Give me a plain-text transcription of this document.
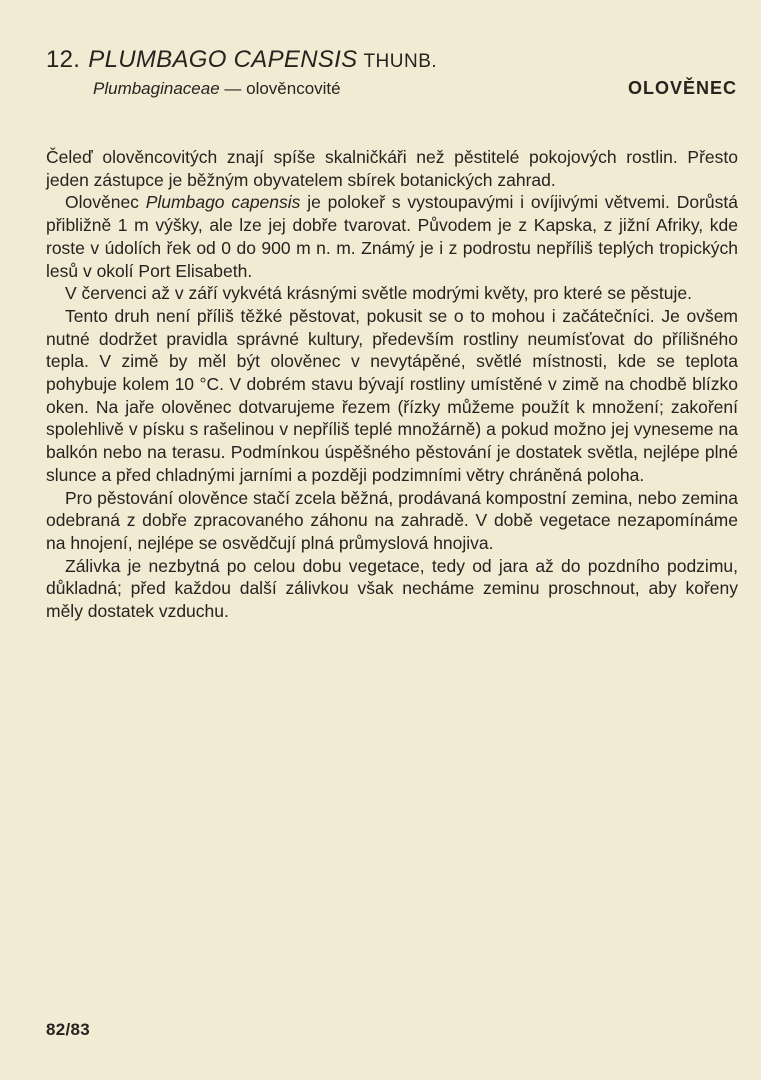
12. PLUMBAGO CAPENSIS THUNB.
Plumbaginaceae — olověncovité	OLOVĚNEC

Čeleď olověncovitých znají spíše skalničkáři než pěstitelé pokojových rostlin. Přesto jeden zástupce je běžným obyvatelem sbírek botanických zahrad.

Olověnec Plumbago capensis je polokeř s vystoupavými i ovíjivými větvemi. Dorůstá přibližně 1 m výšky, ale lze jej dobře tvarovat. Původem je z Kapska, z jižní Afriky, kde roste v údolích řek od 0 do 900 m n. m. Známý je i z podrostu nepříliš teplých tropických lesů v okolí Port Elisabeth.

V červenci až v září vykvétá krásnými světle modrými květy, pro které se pěstuje.

Tento druh není příliš těžké pěstovat, pokusit se o to mohou i začátečníci. Je ovšem nutné dodržet pravidla správné kultury, především rostliny neumísťovat do přílišného tepla. V zimě by měl být olověnec v nevytápěné, světlé místnosti, kde se teplota pohybuje kolem 10 °C. V dobrém stavu bývají rostliny umístěné v zimě na chodbě blízko oken. Na jaře olověnec dotvarujeme řezem (řízky můžeme použít k množení; zakoření spolehlivě v písku s rašelinou v nepříliš teplé množárně) a pokud možno jej vyneseme na balkón nebo na terasu. Podmínkou úspěšného pěstování je dostatek světla, nejlépe plné slunce a před chladnými jarními a později podzimními větry chráněná poloha.

Pro pěstování olověnce stačí zcela běžná, prodávaná kompostní zemina, nebo zemina odebraná z dobře zpracovaného záhonu na zahradě. V době vegetace nezapomínáme na hnojení, nejlépe se osvědčují plná průmyslová hnojiva.

Zálivka je nezbytná po celou dobu vegetace, tedy od jara až do pozdního podzimu, důkladná; před každou další zálivkou však necháme zeminu proschnout, aby kořeny měly dostatek vzduchu.

82/83
